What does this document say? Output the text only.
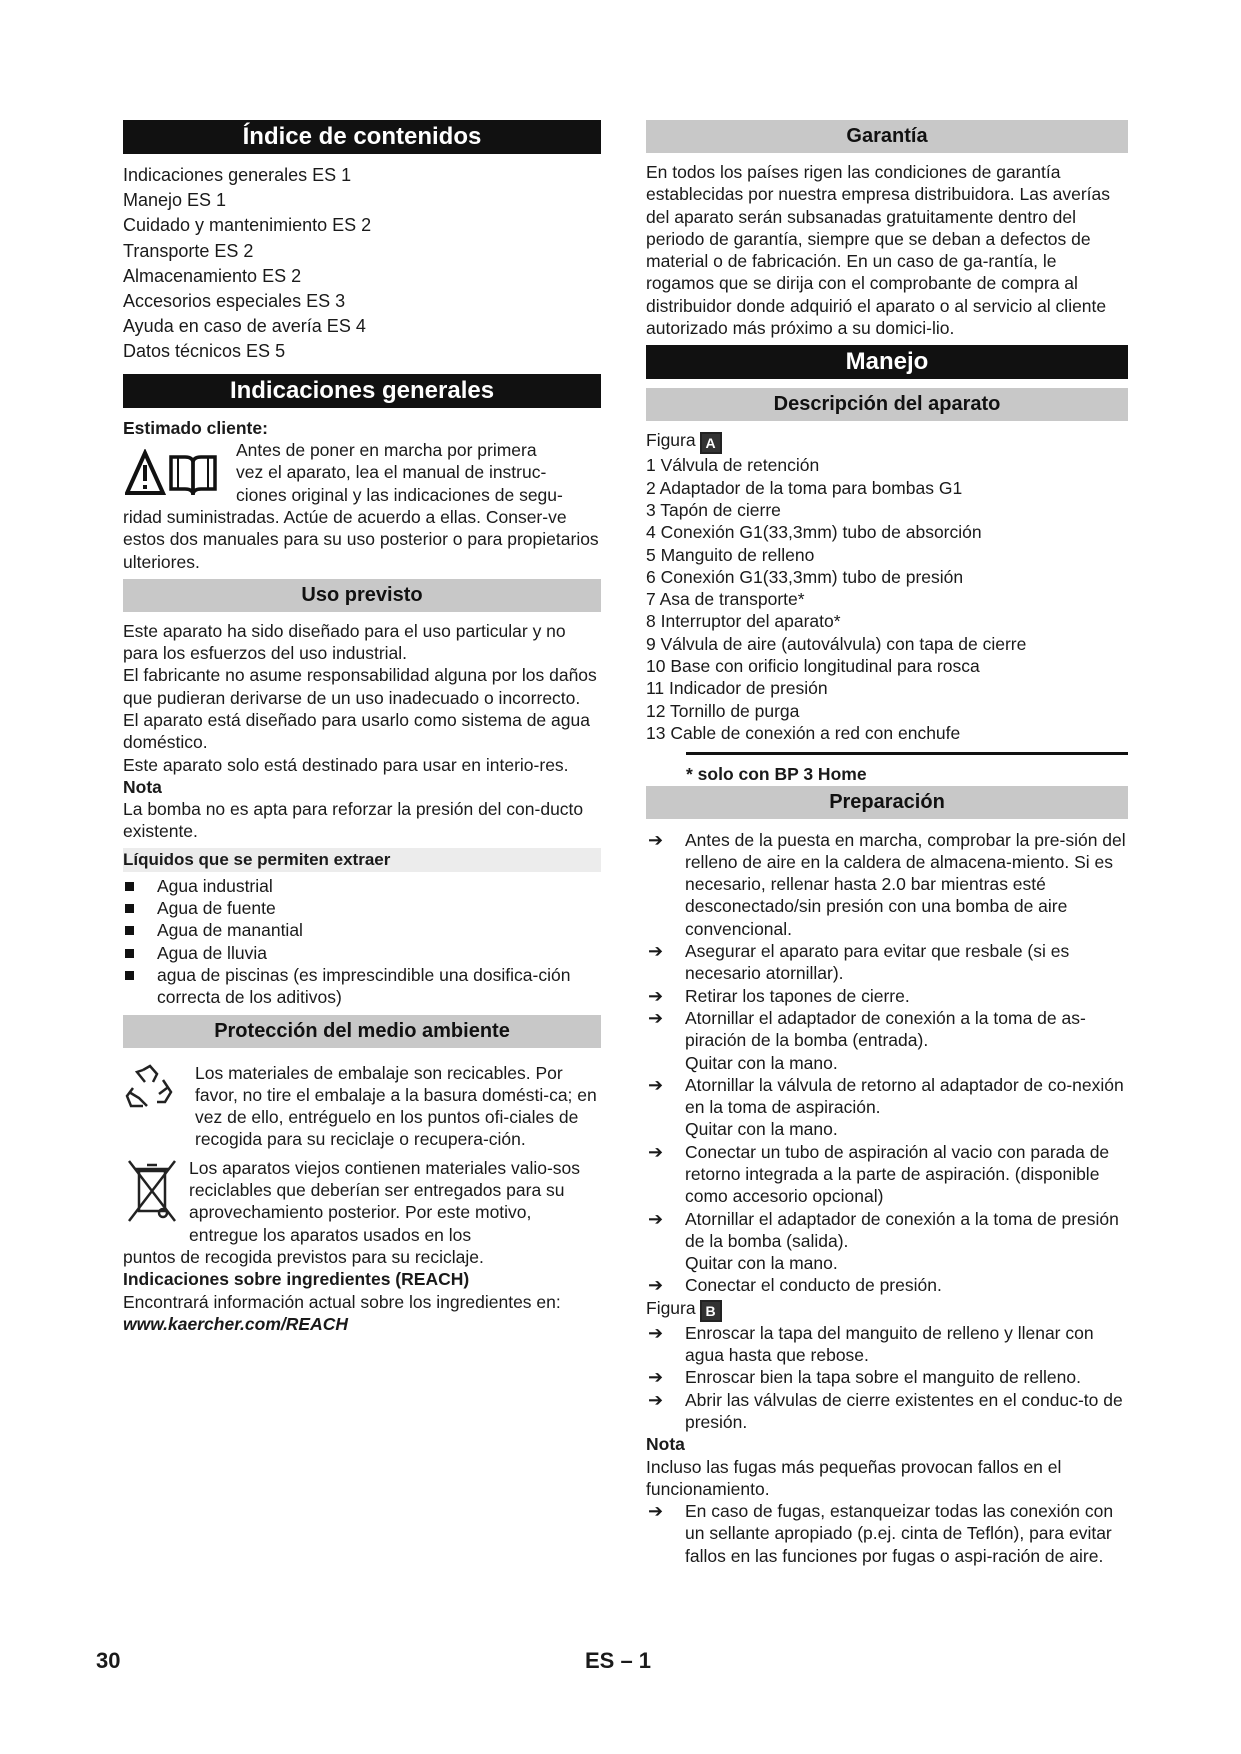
Índice de contenidos
Indicaciones generales ES 1
Manejo ES 1
Cuidado y mantenimiento ES 2
Transporte ES 2
Almacenamiento ES 2
Accesorios especiales ES 3
Ayuda en caso de avería ES 4
Datos técnicos ES 5
Indicaciones generales

Estimado cliente:

Antes de poner en marcha por primera
vez el aparato, lea el manual de instruc-
ciones original y las indicaciones de segu-

ridad suministradas. Actúe de acuerdo a ellas. Conser-ve estos dos manuales para su uso posterior o para propietarios ulteriores.

Uso previsto

Este aparato ha sido diseñado para el uso particular y no para los esfuerzos del uso industrial.

El fabricante no asume responsabilidad alguna por los daños que pudieran derivarse de un uso inadecuado o incorrecto.

El aparato está diseñado para usarlo como sistema de agua doméstico.

Este aparato solo está destinado para usar en interio-res.

Nota

La bomba no es apta para reforzar la presión del con-ducto existente.

Líquidos que se permiten extraer
Agua industrial
Agua de fuente
Agua de manantial
Agua de lluvia
agua de piscinas (es imprescindible una dosifica-ción correcta de los aditivos)
Protección del medio ambiente

Los materiales de embalaje son recicables. Por favor, no tire el embalaje a la basura domésti-ca; en vez de ello, entréguelo en los puntos ofi-ciales de recogida para su reciclaje o recupera-ción.

Los aparatos viejos contienen materiales valio-sos reciclables que deberían ser entregados para su aprovechamiento posterior. Por este motivo, entregue los aparatos usados en los

puntos de recogida previstos para su reciclaje.

Indicaciones sobre ingredientes (REACH)

Encontrará información actual sobre los ingredientes en:

www.kaercher.com/REACH

Garantía

En todos los países rigen las condiciones de garantía establecidas por nuestra empresa distribuidora. Las averías del aparato serán subsanadas gratuitamente dentro del periodo de garantía, siempre que se deban a defectos de material o de fabricación. En un caso de ga-rantía, le rogamos que se dirija con el comprobante de compra al distribuidor donde adquirió el aparato o al servicio al cliente autorizado más próximo a su domici-lio.

Manejo
Descripción del aparato

Figura A

1 Válvula de retención
2 Adaptador de la toma para bombas G1
3 Tapón de cierre
4 Conexión G1(33,3mm) tubo de absorción
5 Manguito de relleno
6 Conexión G1(33,3mm) tubo de presión
7 Asa de transporte*
8 Interruptor del aparato*
9 Válvula de aire (autoválvula) con tapa de cierre
10 Base con orificio longitudinal para rosca
11 Indicador de presión
12 Tornillo de purga
13 Cable de conexión a red con enchufe

* solo con BP 3 Home

Preparación
➔ Antes de la puesta en marcha, comprobar la pre-sión del relleno de aire en la caldera de almacena-miento. Si es necesario, rellenar hasta 2.0 bar mientras esté desconectado/sin presión con una bomba de aire convencional.
➔ Asegurar el aparato para evitar que resbale (si es necesario atornillar).
➔ Retirar los tapones de cierre.
➔ Atornillar el adaptador de conexión a la toma de as-piración de la bomba (entrada).
Quitar con la mano.
➔ Atornillar la válvula de retorno al adaptador de co-nexión en la toma de aspiración.
Quitar con la mano.
➔ Conectar un tubo de aspiración al vacio con parada de retorno integrada a la parte de aspiración. (disponible como accesorio opcional)
➔ Atornillar el adaptador de conexión a la toma de presión de la bomba (salida).
Quitar con la mano.
➔ Conectar el conducto de presión.

Figura B

➔ Enroscar la tapa del manguito de relleno y llenar con agua hasta que rebose.
➔ Enroscar bien la tapa sobre el manguito de relleno.
➔ Abrir las válvulas de cierre existentes en el conduc-to de presión.

Nota

Incluso las fugas más pequeñas provocan fallos en el funcionamiento.

➔ En caso de fugas, estanqueizar todas las conexión con un sellante apropiado (p.ej. cinta de Teflón), para evitar fallos en las funciones por fugas o aspi-ración de aire.
30	ES – 1
